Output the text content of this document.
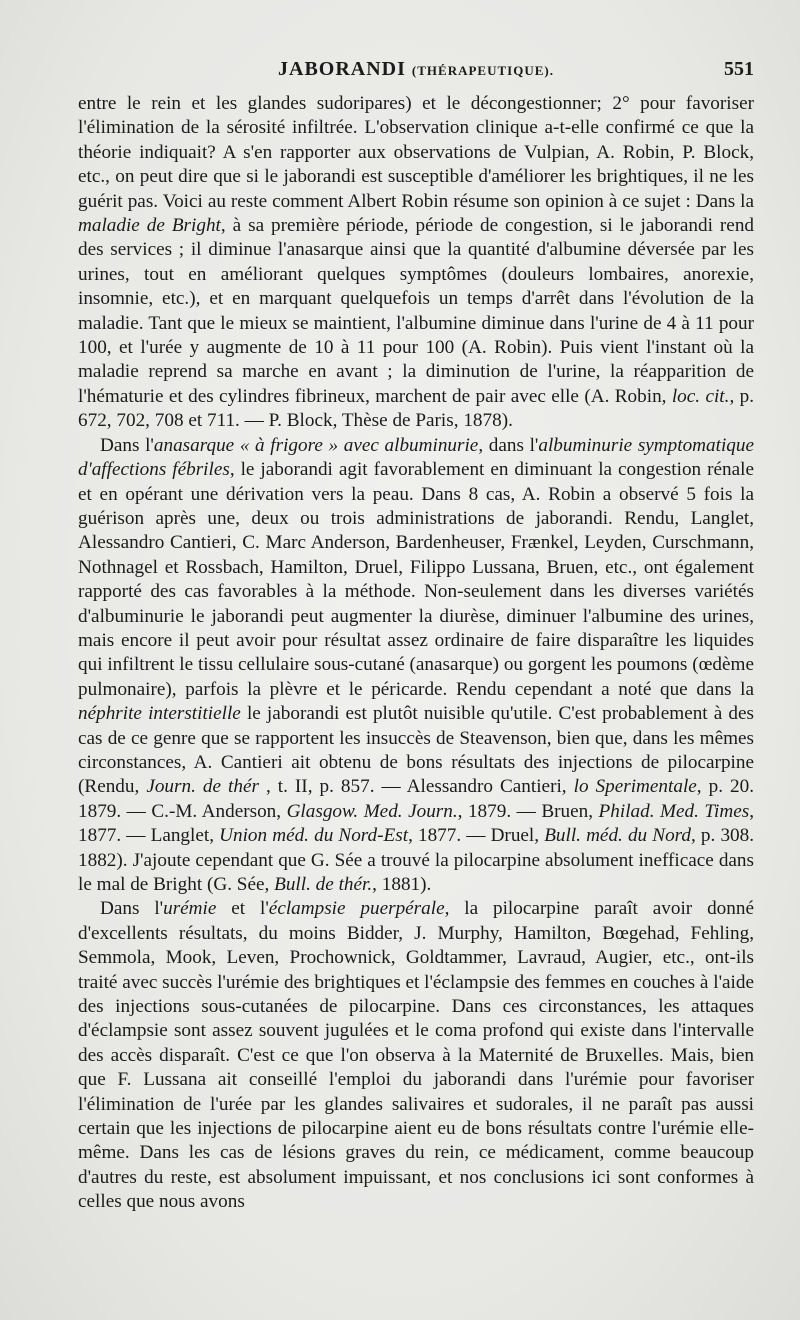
JABORANDI (THÉRAPEUTIQUE).	551

entre le rein et les glandes sudoripares) et le décongestionner; 2° pour favoriser l'élimination de la sérosité infiltrée. L'observation clinique a-t-elle confirmé ce que la théorie indiquait? A s'en rapporter aux observations de Vulpian, A. Robin, P. Block, etc., on peut dire que si le jaborandi est susceptible d'améliorer les brightiques, il ne les guérit pas. Voici au reste comment Albert Robin résume son opinion à ce sujet : Dans la maladie de Bright, à sa première période, période de congestion, si le jaborandi rend des services ; il diminue l'anasarque ainsi que la quantité d'albumine déversée par les urines, tout en améliorant quelques symptômes (douleurs lombaires, anorexie, insomnie, etc.), et en marquant quelquefois un temps d'arrêt dans l'évolution de la maladie. Tant que le mieux se maintient, l'albumine diminue dans l'urine de 4 à 11 pour 100, et l'urée y augmente de 10 à 11 pour 100 (A. Robin). Puis vient l'instant où la maladie reprend sa marche en avant ; la diminution de l'urine, la réapparition de l'hématurie et des cylindres fibrineux, marchent de pair avec elle (A. Robin, loc. cit., p. 672, 702, 708 et 711. — P. Block, Thèse de Paris, 1878).

Dans l'anasarque « à frigore » avec albuminurie, dans l'albuminurie symptomatique d'affections fébriles, le jaborandi agit favorablement en diminuant la congestion rénale et en opérant une dérivation vers la peau. Dans 8 cas, A. Robin a observé 5 fois la guérison après une, deux ou trois administrations de jaborandi. Rendu, Langlet, Alessandro Cantieri, C. Marc Anderson, Bardenheuser, Frænkel, Leyden, Curschmann, Nothnagel et Rossbach, Hamilton, Druel, Filippo Lussana, Bruen, etc., ont également rapporté des cas favorables à la méthode. Non-seulement dans les diverses variétés d'albuminurie le jaborandi peut augmenter la diurèse, diminuer l'albumine des urines, mais encore il peut avoir pour résultat assez ordinaire de faire disparaître les liquides qui infiltrent le tissu cellulaire sous-cutané (anasarque) ou gorgent les poumons (œdème pulmonaire), parfois la plèvre et le péricarde. Rendu cependant a noté que dans la néphrite interstitielle le jaborandi est plutôt nuisible qu'utile. C'est probablement à des cas de ce genre que se rapportent les insuccès de Steavenson, bien que, dans les mêmes circonstances, A. Cantieri ait obtenu de bons résultats des injections de pilocarpine (Rendu, Journ. de thér , t. II, p. 857. — Alessandro Cantieri, lo Sperimentale, p. 20. 1879. — C.-M. Anderson, Glasgow. Med. Journ., 1879. — Bruen, Philad. Med. Times, 1877. — Langlet, Union méd. du Nord-Est, 1877. — Druel, Bull. méd. du Nord, p. 308. 1882). J'ajoute cependant que G. Sée a trouvé la pilocarpine absolument inefficace dans le mal de Bright (G. Sée, Bull. de thér., 1881).

Dans l'urémie et l'éclampsie puerpérale, la pilocarpine paraît avoir donné d'excellents résultats, du moins Bidder, J. Murphy, Hamilton, Bœgehad, Fehling, Semmola, Mook, Leven, Prochownick, Goldtammer, Lavraud, Augier, etc., ont-ils traité avec succès l'urémie des brightiques et l'éclampsie des femmes en couches à l'aide des injections sous-cutanées de pilocarpine. Dans ces circonstances, les attaques d'éclampsie sont assez souvent jugulées et le coma profond qui existe dans l'intervalle des accès disparaît. C'est ce que l'on observa à la Maternité de Bruxelles. Mais, bien que F. Lussana ait conseillé l'emploi du jaborandi dans l'urémie pour favoriser l'élimination de l'urée par les glandes salivaires et sudorales, il ne paraît pas aussi certain que les injections de pilocarpine aient eu de bons résultats contre l'urémie elle-même. Dans les cas de lésions graves du rein, ce médicament, comme beaucoup d'autres du reste, est absolument impuissant, et nos conclusions ici sont conformes à celles que nous avons
